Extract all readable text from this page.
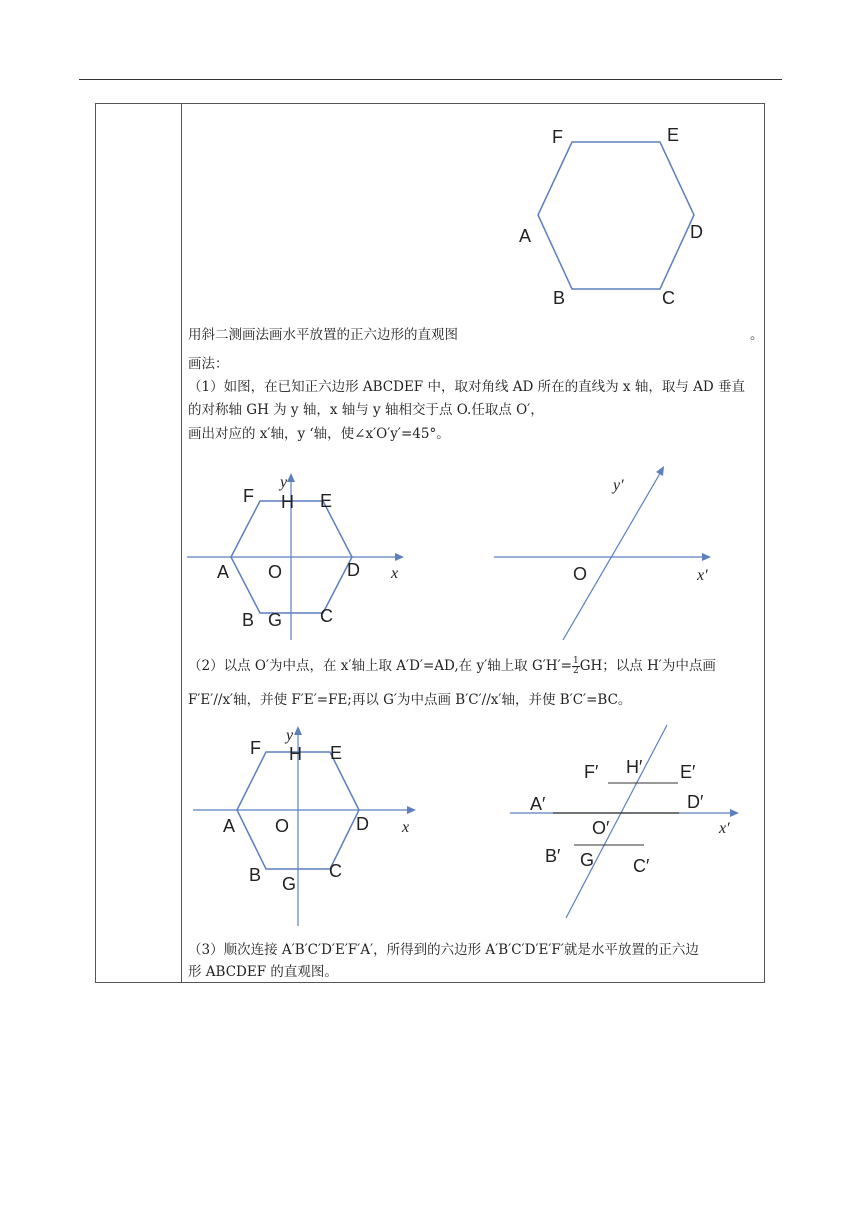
F	E
A	D
B	C
F H E
A O	D
B G C
x
y	y′
x′
O
F H E
A O	D
B G
C
x
y
F′ H′ E′
A′	D′
O′
B′ G C′
x′
用斜二测画法画水平放置的正六边形的直观图	。
画法：
（1）如图，在已知正六边形 ABCDEF 中，取对角线 AD 所在的直线为 x 轴，取与 AD 垂直
的对称轴 GH 为 y 轴，x 轴与 y 轴相交于点 O.任取点 O′，
画出对应的 x′轴，y ‘轴，使∠x′O′y′=45°。
（2）以点 O′为中点，在 x′轴上取 A′D′=AD,在 y′轴上取 $G'H'= \frac{1}{2}$ GH；以点 H′为中点画
F′E′//x′轴，并使 F′E′=FE;再以 G′为中点画 B′C′//x′轴，并使 B′C′=BC。
（3）顺次连接 A′B′C′D′E′F′A′，所得到的六边形 A′B′C′D′E′F′就是水平放置的正六边
形 ABCDEF 的直观图。
